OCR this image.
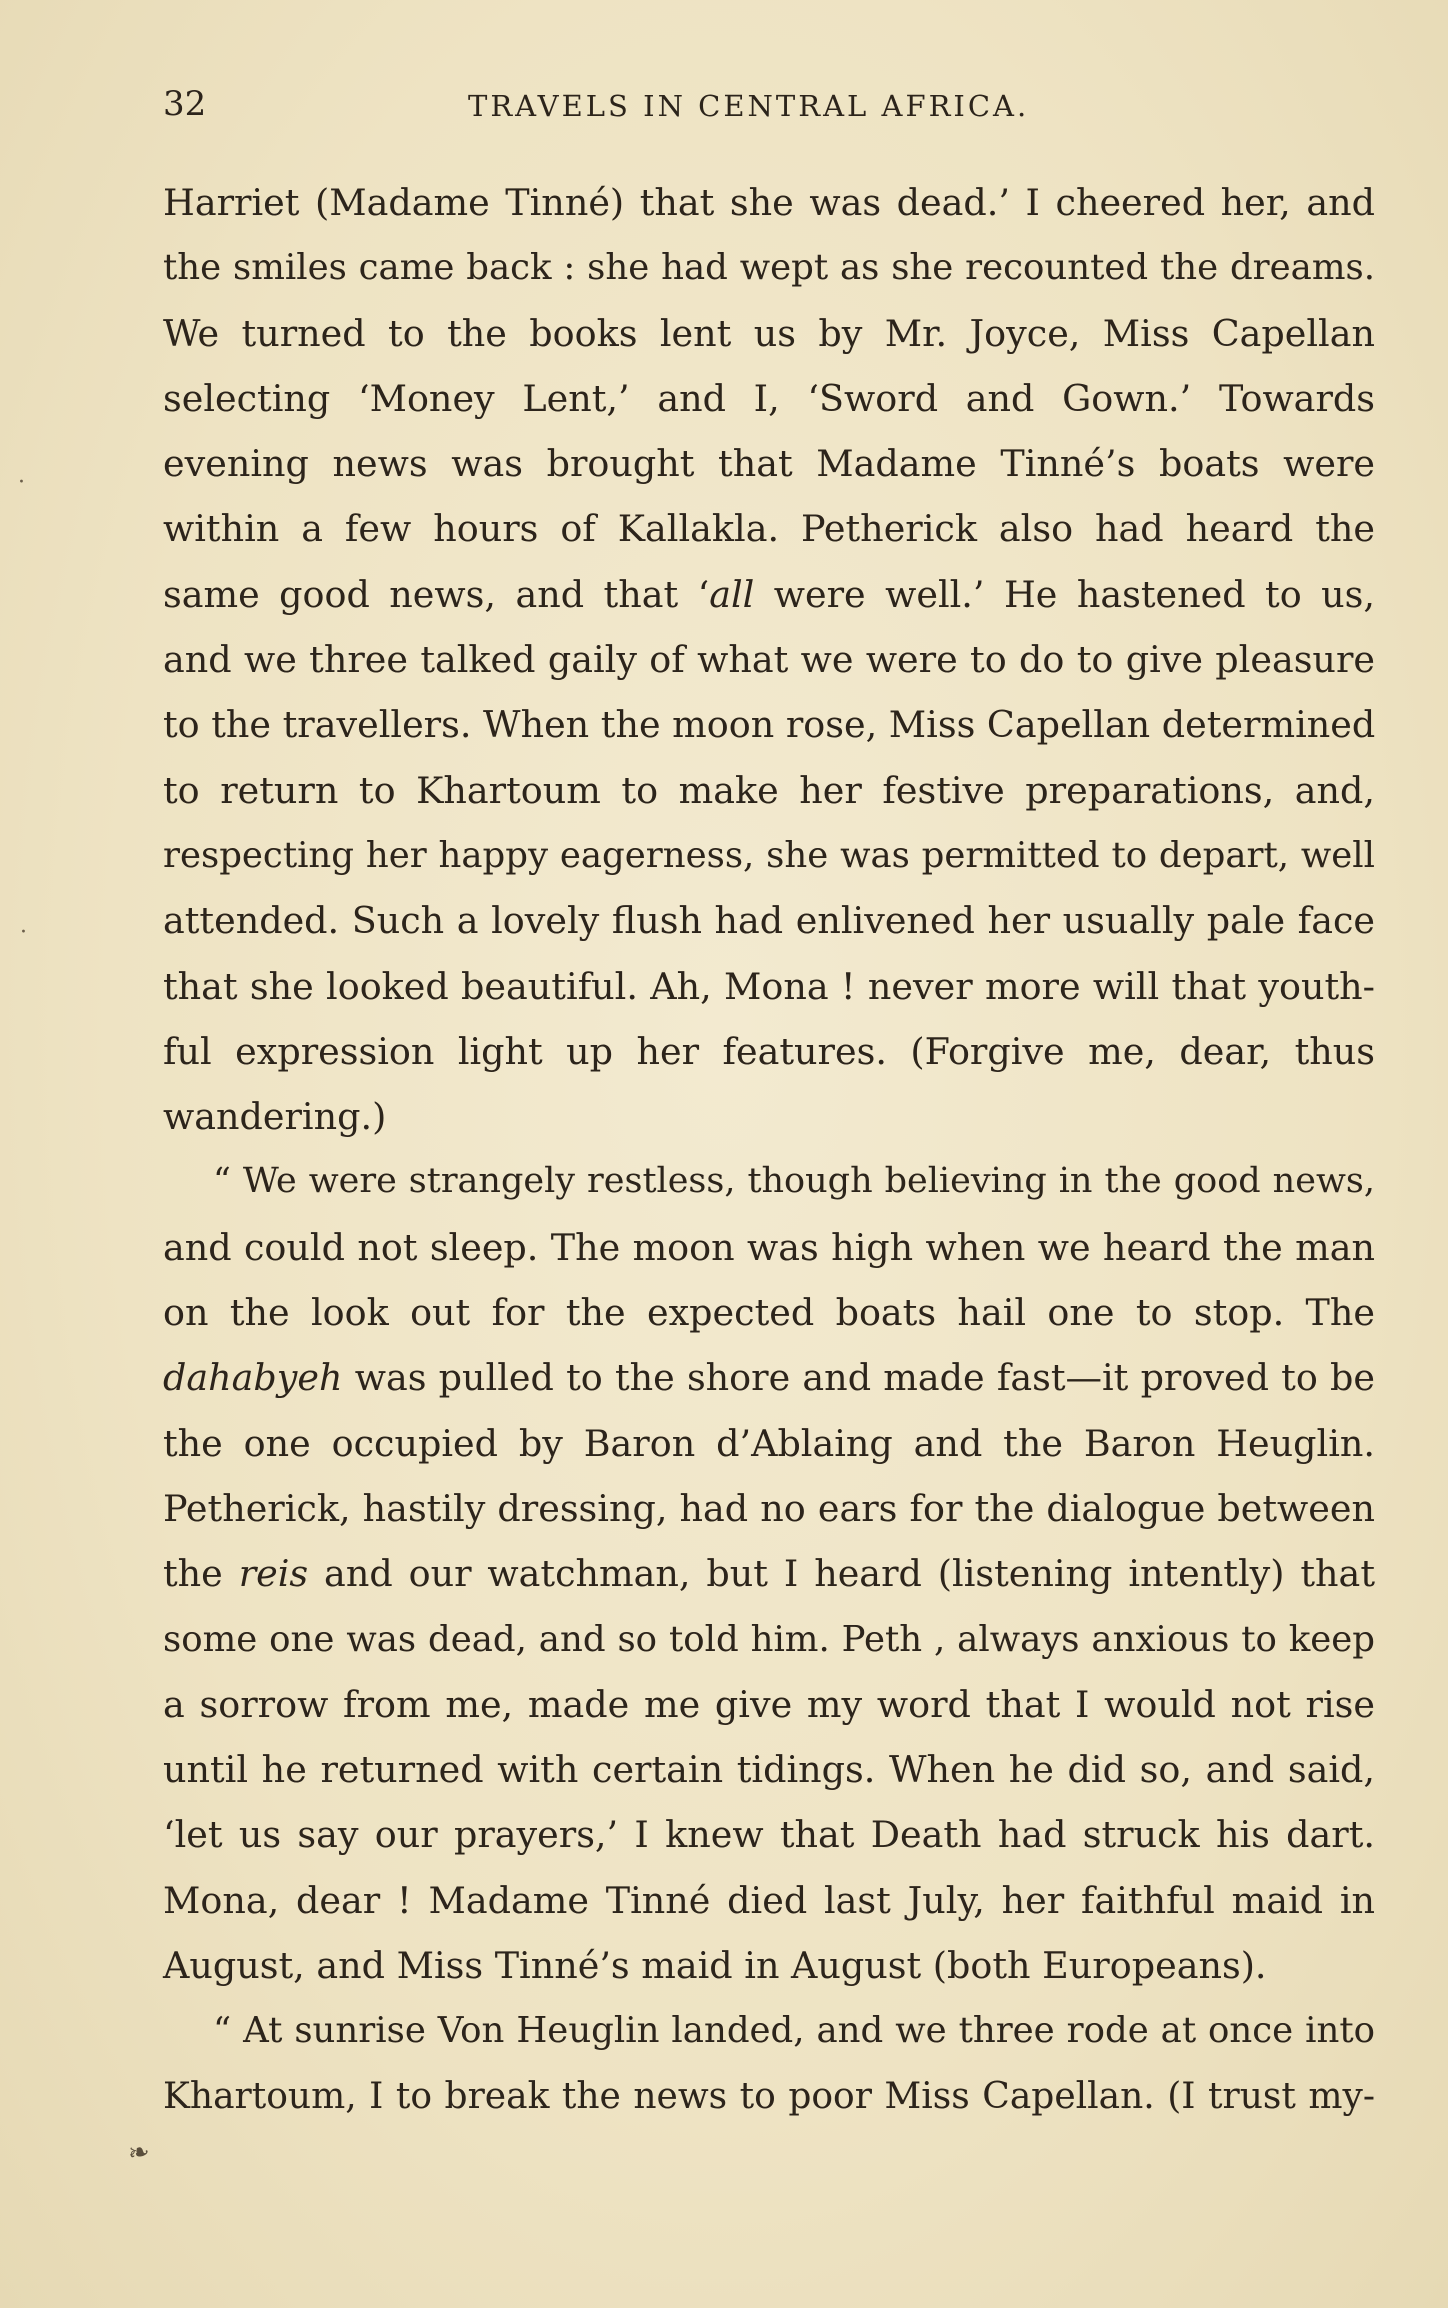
32	TRAVELS IN CENTRAL AFRICA.
Harriet (Madame Tinné) that she was dead.’ I cheered her, and
the smiles came back : she had wept as she recounted the dreams.
We turned to the books lent us by Mr. Joyce, Miss Capellan
selecting ‘Money Lent,’ and I, ‘Sword and Gown.’ Towards
evening news was brought that Madame Tinné’s boats were
within a few hours of Kallakla. Petherick also had heard the
same good news, and that ‘all were well.’ He hastened to us,
and we three talked gaily of what we were to do to give pleasure
to the travellers. When the moon rose, Miss Capellan determined
to return to Khartoum to make her festive preparations, and,
respecting her happy eagerness, she was permitted to depart, well
attended. Such a lovely flush had enlivened her usually pale face
that she looked beautiful. Ah, Mona ! never more will that youth-
ful expression light up her features. (Forgive me, dear, thus
wandering.)
“ We were strangely restless, though believing in the good news,
and could not sleep. The moon was high when we heard the man
on the look out for the expected boats hail one to stop. The
dahabyeh was pulled to the shore and made fast—it proved to be
the one occupied by Baron d’Ablaing and the Baron Heuglin.
Petherick, hastily dressing, had no ears for the dialogue between
the reis and our watchman, but I heard (listening intently) that
some one was dead, and so told him. Peth , always anxious to keep
a sorrow from me, made me give my word that I would not rise
until he returned with certain tidings. When he did so, and said,
‘let us say our prayers,’ I knew that Death had struck his dart.
Mona, dear ! Madame Tinné died last July, her faithful maid in
August, and Miss Tinné’s maid in August (both Europeans).
“ At sunrise Von Heuglin landed, and we three rode at once into
Khartoum, I to break the news to poor Miss Capellan. (I trust my-
·
·
❧
